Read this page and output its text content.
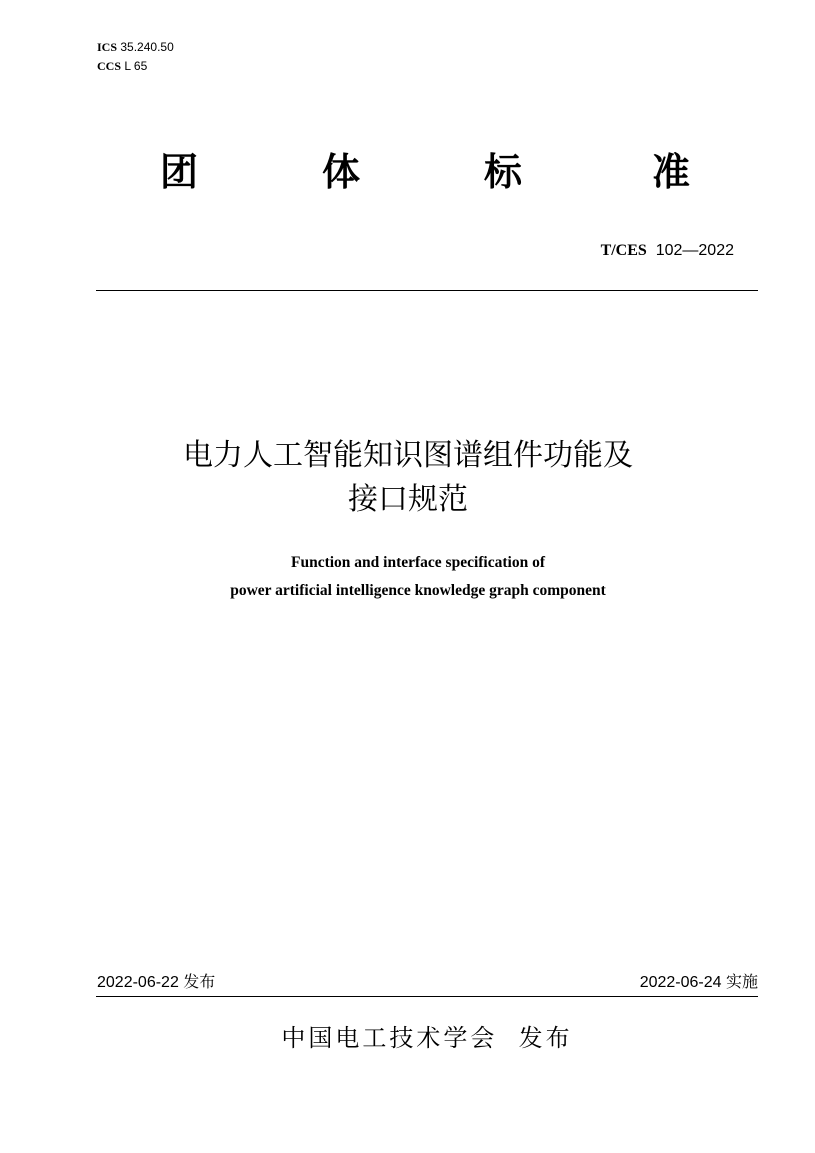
ICS 35.240.50
CCS L 65
团	体	标	准
T/CES 102—2022
电力人工智能知识图谱组件功能及
接口规范
Function and interface specification of
power artificial intelligence knowledge graph component
2022-06-22 发布	2022-06-24 实施
中国电工技术学会  发布
